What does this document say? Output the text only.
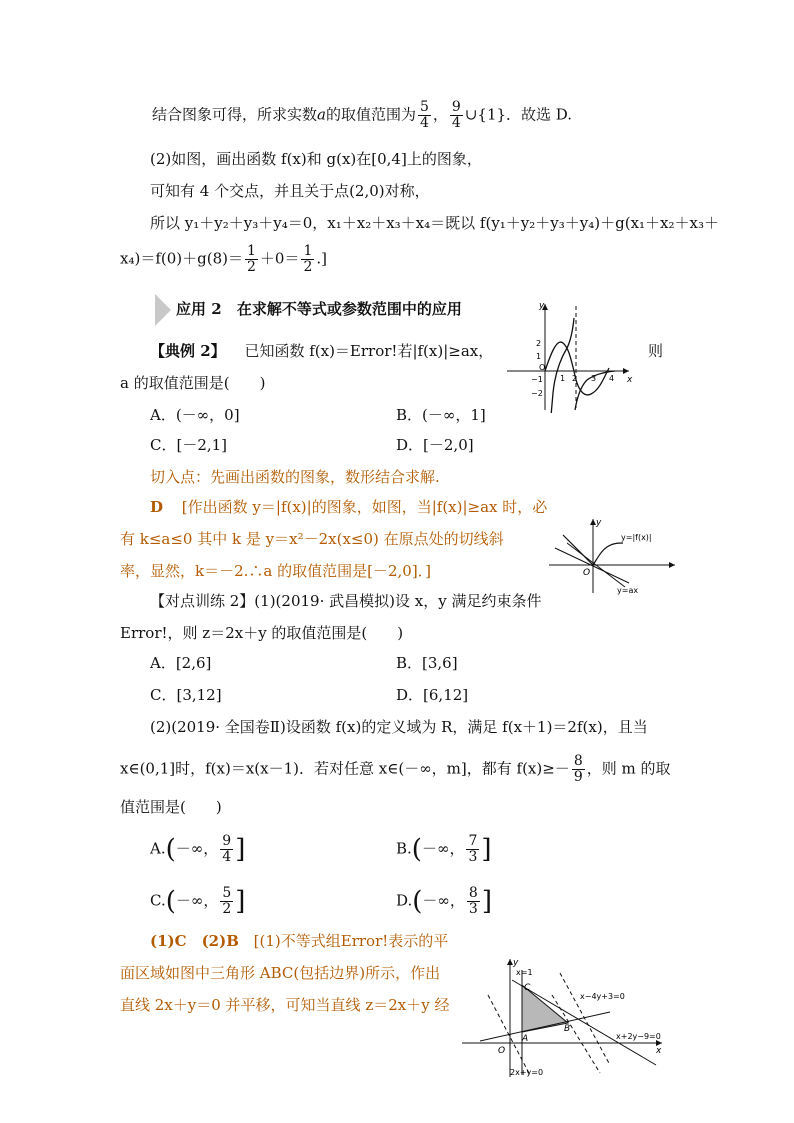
结合图象可得，所求实数a的取值范围为 $\frac{5}{4}$ ， $\frac{9}{4}$ ∪{1}．故选 D.
(2)如图，画出函数 f(x)和 g(x)在[0,4]上的图象，
可知有 4 个交点，并且关于点(2,0)对称，
所以 y₁＋y₂＋y₃＋y₄＝0，x₁＋x₂＋x₃＋x₄＝既以 f(y₁＋y₂＋y₃＋y₄)＋g(x₁＋x₂＋x₃＋
$x_4)=f(0)+g(8)= \frac{1}{2} +0= \frac{1}{2}$ .]
应用 2 在求解不等式或参数范围中的应用
【典例 2】 已知函数 f(x)＝Error!若|f(x)|≥ax，	则
a 的取值范围是(　　)
A．(－∞，0]	B．(－∞，1]
C．[－2,1]	D．[－2,0]
y
x
2
1
−1
−2
O
1 2 3 4
切入点：先画出函数的图象，数形结合求解.
D [作出函数 y＝|f(x)|的图象，如图，当|f(x)|≥ax 时，必
有 k≤a≤0 其中 k 是 y＝x²－2x(x≤0) 在原点处的切线斜
率，显然，k＝－2.∴a 的取值范围是[－2,0]．]
y
O
y=|f(x)|
y=ax
【对点训练 2】(1)(2019· 武昌模拟)设 x，y 满足约束条件
Error!，则 z＝2x＋y 的取值范围是(　　)
A．[2,6]	B．[3,6]
C．[3,12]	D．[6,12]
(2)(2019· 全国卷Ⅱ)设函数 f(x)的定义域为 R，满足 f(x＋1)＝2f(x)，且当
x∈(0,1]时，f(x)＝x(x－1)．若对任意 x∈(－∞，m]，都有 $f(x)\ge- \frac{8}{9}$ ，则 m 的取
值范围是(　　)
A.(－∞， $\frac{9}{4}$ ]	B.(－∞， $\frac{7}{3}$ ]
C.(－∞， $\frac{5}{2}$ ]	D.(－∞， $\frac{8}{3}$ ]
(1)C　(2)B [(1)不等式组Error!表示的平
面区域如图中三角形 ABC(包括边界)所示，作出
直线 2x＋y＝0 并平移，可知当直线 z＝2x＋y 经
y
x
O
C
A
B
x=1
x−4y+3=0
x+2y−9=0
2x+y=0
